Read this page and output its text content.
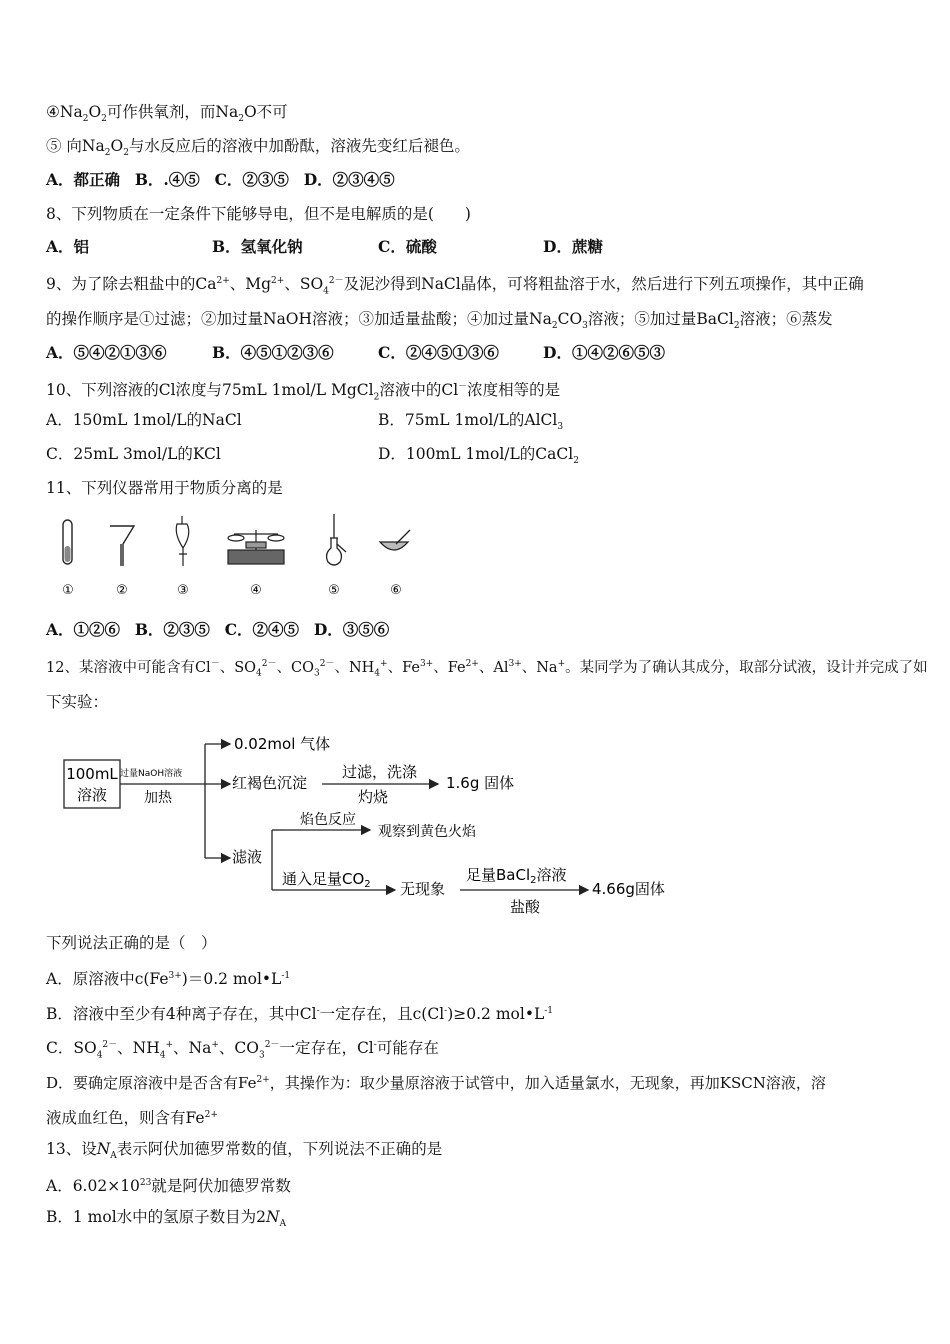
$④Na_2O_2$可作供氧剂，而$Na_2O$不可
⑤ 向$Na_2O_2$与水反应后的溶液中加酚酞，溶液先变红后褪色。
A．都正确 B．.④⑤ C．②③⑤ D．②③④⑤
8、下列物质在一定条件下能够导电，但不是电解质的是(　　)
A．铝	B．氢氧化钠	C．硫酸	D．蔗糖
9、为了除去粗盐中的$Ca^{2+}$、$Mg^{2+}$、$SO_4^{2-}$及泥沙得到NaCl晶体，可将粗盐溶于水，然后进行下列五项操作，其中正确
的操作顺序是①过滤；②加过量NaOH溶液；③加适量盐酸；④加过量$Na_2CO_3$溶液；⑤加过量BaCl$_2$溶液；⑥蒸发
A．⑤④②①③⑥	B．④⑤①②③⑥	C．②④⑤①③⑥	D．①④②⑥⑤③
10、下列溶液的Cl浓度与75mL 1mol/L MgCl$_2$溶液中的Cl－浓度相等的是
A．150mL 1mol/L的NaCl	B．75mL 1mol/L的AlCl$_3$
C．25mL 3mol/L的KCl	D．100mL 1mol/L的CaCl$_2$
11、下列仪器常用于物质分离的是
①	②	③	④	⑤	⑥
A．①②⑥ B．②③⑤ C．②④⑤ D．③⑤⑥
12、某溶液中可能含有Cl－、$SO_4^{2-}$、$CO_3^{2-}$、$NH_4^+$、$Fe^{3+}$、$Fe^{2+}$、$Al^{3+}$、Na+。某同学为了确认其成分，取部分试液，设计并完成了如
下实验：
100mL
溶液
过量NaOH溶液
加热
0.02mol 气体
红褐色沉淀
过滤，洗涤
灼烧
1.6g 固体
滤液
焰色反应
观察到黄色火焰
通入足量$CO_2$ 无现象
足量BaCl$_2$溶液
盐酸
4.66g固体
下列说法正确的是（　）
A．原溶液中$c(Fe^{3+})=0.2$ $mol•L^{-1}$
B．溶液中至少有4种离子存在，其中Cl-一定存在，且c(Cl-)≥0.2 $mol•L^{-1}$
C．$SO_4^{2-}$、$NH_4^+$、Na+、$CO_3^{2-}$一定存在，Cl-可能存在
D．要确定原溶液中是否含有$Fe^{2+}$，其操作为：取少量原溶液于试管中，加入适量氯水，无现象，再加KSCN溶液，溶
液成血红色，则含有$Fe^{2+}$
13、设$N_A$表示阿伏加德罗常数的值，下列说法不正确的是
A．$6.02\times 10^{23}$就是阿伏加德罗常数
B．1 mol水中的氢原子数目为$2N_A$
